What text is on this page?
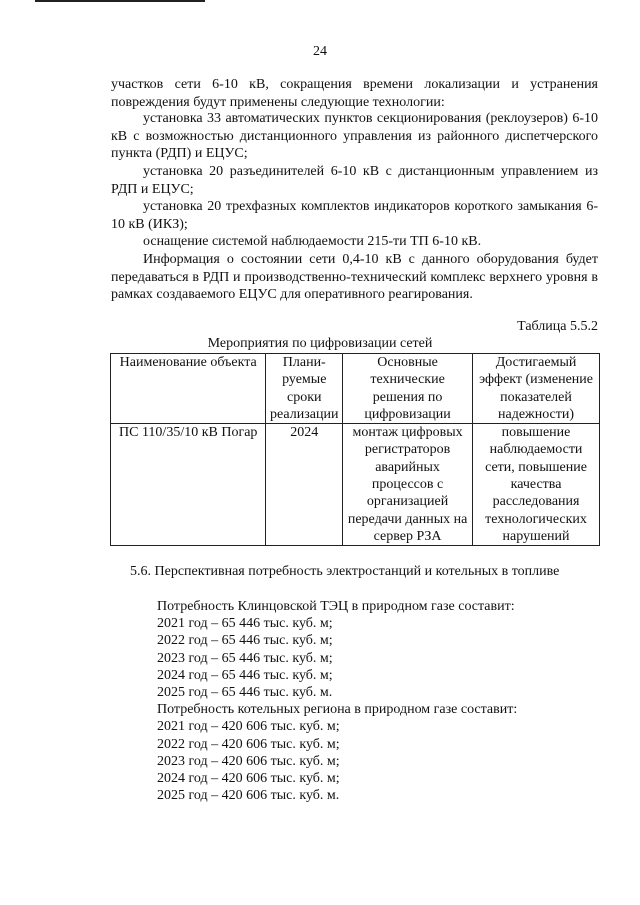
24

участков сети 6-10 кВ, сокращения времени локализации и устранения повреждения будут применены следующие технологии:

установка 33 автоматических пунктов секционирования (реклоузеров) 6-10 кВ с возможностью дистанционного управления из районного диспетчерского пункта (РДП) и ЕЦУС;

установка 20 разъединителей 6-10 кВ с дистанционным управлением из РДП и ЕЦУС;

установка 20 трехфазных комплектов индикаторов короткого замыкания 6-10 кВ (ИКЗ);

оснащение системой наблюдаемости 215-ти ТП 6-10 кВ.

Информация о состоянии сети 0,4-10 кВ с данного оборудования будет передаваться в РДП и производственно-технический комплекс верхнего уровня в рамках создаваемого ЕЦУС для оперативного реагирования.

Таблица 5.5.2
Мероприятия по цифровизации сетей
Наименование объекта	Плани-руемые сроки реализации	Основные технические решения по цифровизации	Достигаемый эффект (изменение показателей надежности)
ПС 110/35/10 кВ Погар	2024	монтаж цифровых регистраторов аварийных процессов с организацией передачи данных на сервер РЗА	повышение наблюдаемости сети, повышение качества расследования технологических нарушений
5.6. Перспективная потребность электростанций и котельных в топливе
Потребность Клинцовской ТЭЦ в природном газе составит:
2021 год – 65 446 тыс. куб. м;
2022 год – 65 446 тыс. куб. м;
2023 год – 65 446 тыс. куб. м;
2024 год – 65 446 тыс. куб. м;
2025 год – 65 446 тыс. куб. м.
Потребность котельных региона в природном газе составит:
2021 год – 420 606 тыс. куб. м;
2022 год – 420 606 тыс. куб. м;
2023 год – 420 606 тыс. куб. м;
2024 год – 420 606 тыс. куб. м;
2025 год – 420 606 тыс. куб. м.
